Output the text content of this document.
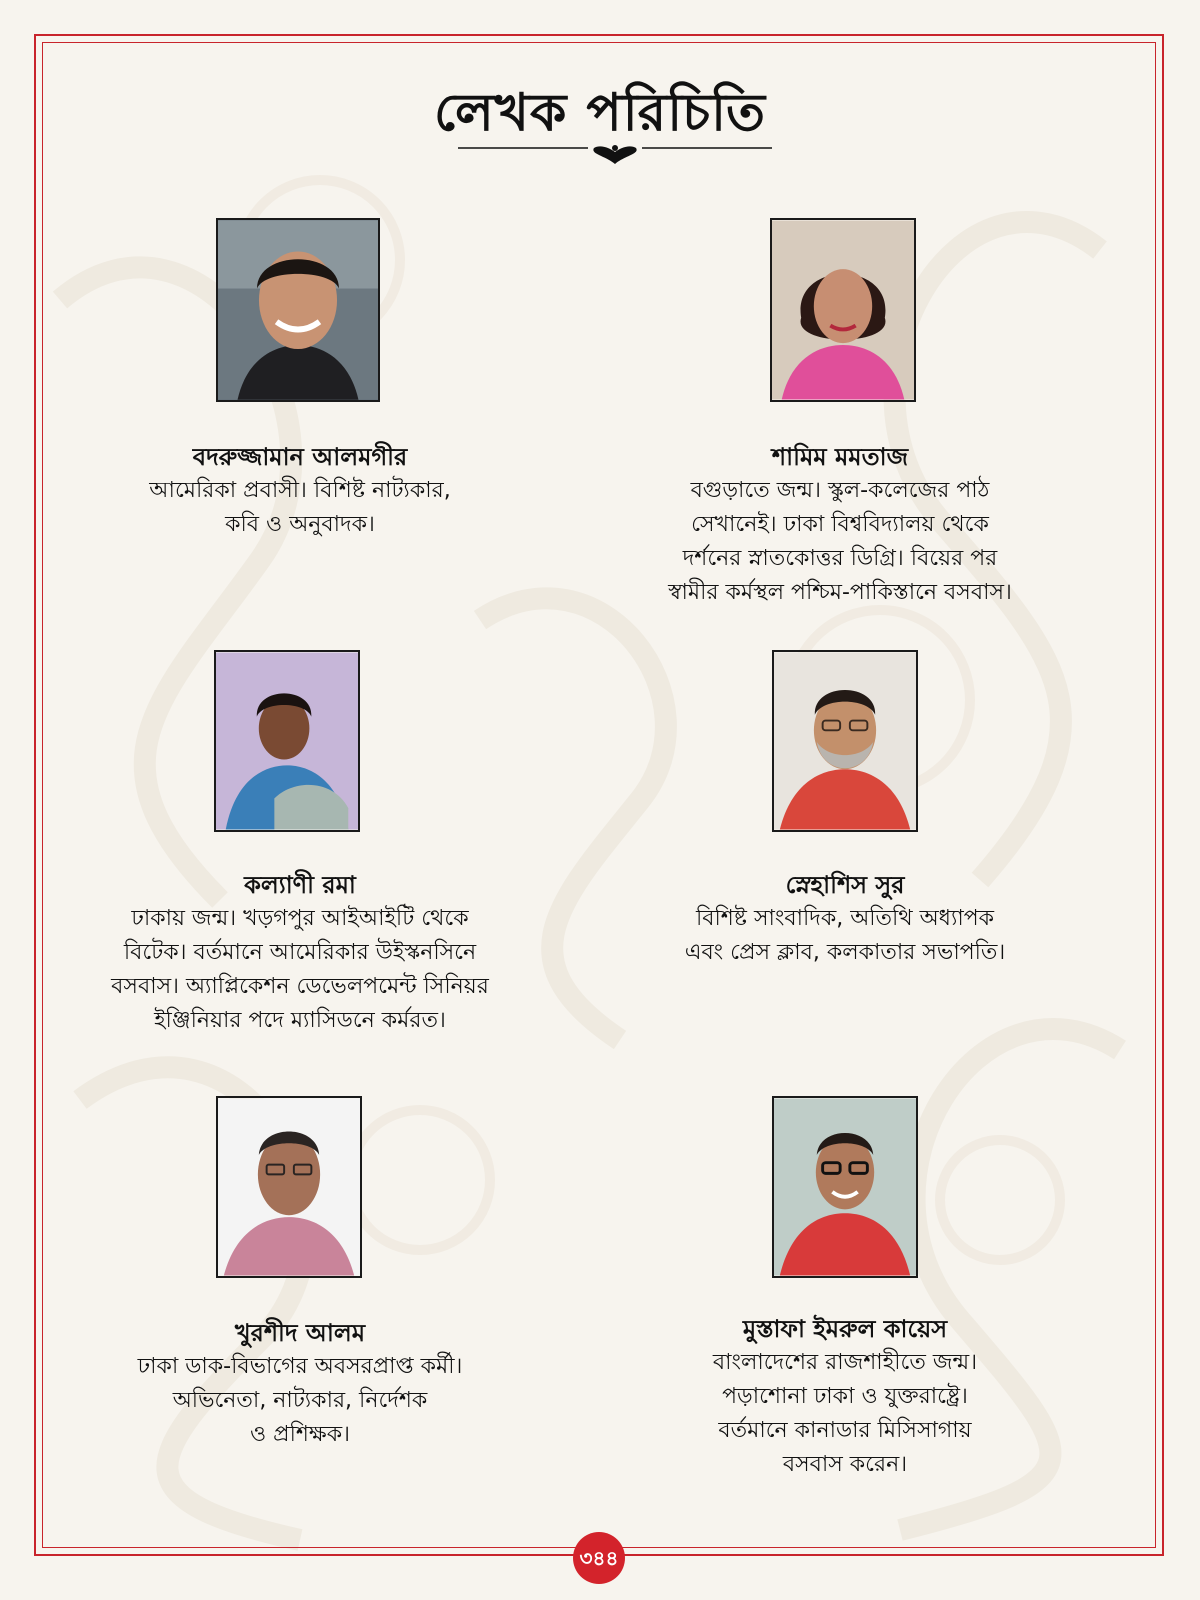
লেখক পরিচিতি
বদরুজ্জামান আলমগীর
আমেরিকা প্রবাসী। বিশিষ্ট নাট্যকার,
কবি ও অনুবাদক।
শামিম মমতাজ
বগুড়াতে জন্ম। স্কুল-কলেজের পাঠ
সেখানেই। ঢাকা বিশ্ববিদ্যালয় থেকে
দর্শনের স্নাতকোত্তর ডিগ্রি। বিয়ের পর
স্বামীর কর্মস্থল পশ্চিম-পাকিস্তানে বসবাস।
কল্যাণী রমা
ঢাকায় জন্ম। খড়গপুর আইআইটি থেকে
বিটেক। বর্তমানে আমেরিকার উইস্কনসিনে
বসবাস। অ্যাপ্লিকেশন ডেভেলপমেন্ট সিনিয়র
ইঞ্জিনিয়ার পদে ম্যাসিডনে কর্মরত।
স্নেহাশিস সুর
বিশিষ্ট সাংবাদিক, অতিথি অধ্যাপক
এবং প্রেস ক্লাব, কলকাতার সভাপতি।
খুরশীদ আলম
ঢাকা ডাক-বিভাগের অবসরপ্রাপ্ত কর্মী।
অভিনেতা, নাট্যকার, নির্দেশক
ও প্রশিক্ষক।
মুস্তাফা ইমরুল কায়েস
বাংলাদেশের রাজশাহীতে জন্ম।
পড়াশোনা ঢাকা ও যুক্তরাষ্ট্রে।
বর্তমানে কানাডার মিসিসাগায়
বসবাস করেন।
৩৪৪
